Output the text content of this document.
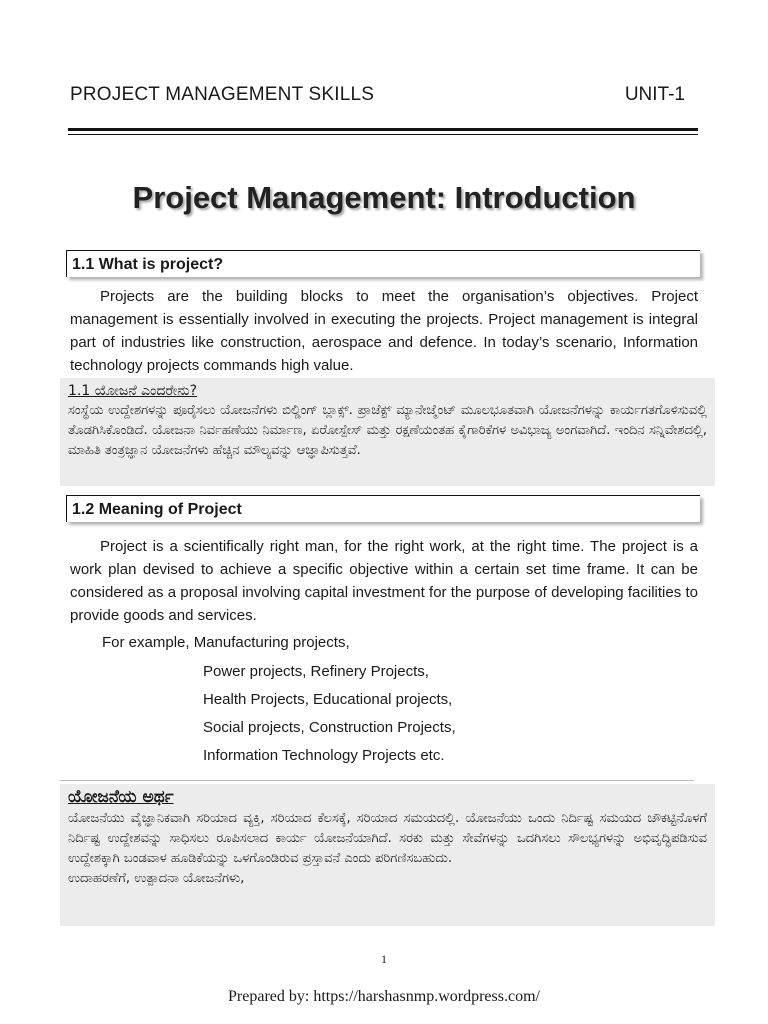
PROJECT MANAGEMENT SKILLS	UNIT-1
Project Management: Introduction
1.1 What is project?

Projects are the building blocks to meet the organisation’s objectives. Project management is essentially involved in executing the projects. Project management is integral part of industries like construction, aerospace and defence. In today’s scenario, Information technology projects commands high value.

1.1 ಯೋಜನೆ ಎಂದರೇನು?

ಸಂಸ್ಥೆಯ ಉದ್ದೇಶಗಳನ್ನು ಪೂರೈಸಲು ಯೋಜನೆಗಳು ಬಿಲ್ಡಿಂಗ್ ಬ್ಲಾಕ್ಸ್. ಪ್ರಾಜೆಕ್ಟ್ ಮ್ಯಾನೇಜ್ಮೆಂಟ್ ಮೂಲಭೂತವಾಗಿ ಯೋಜನೆಗಳನ್ನು ಕಾರ್ಯಗತಗೊಳಿಸುವಲ್ಲಿ ತೊಡಗಿಸಿಕೊಂಡಿದೆ. ಯೋಜನಾ ನಿರ್ವಹಣೆಯು ನಿರ್ಮಾಣ, ಏರೋಸ್ಪೇಸ್ ಮತ್ತು ರಕ್ಷಣೆಯಂತಹ ಕೈಗಾರಿಕೆಗಳ ಅವಿಭಾಜ್ಯ ಅಂಗವಾಗಿದೆ. ಇಂದಿನ ಸನ್ನಿವೇಶದಲ್ಲಿ, ಮಾಹಿತಿ ತಂತ್ರಜ್ಞಾನ ಯೋಜನೆಗಳು ಹೆಚ್ಚಿನ ಮೌಲ್ಯವನ್ನು ಆಜ್ಞಾಪಿಸುತ್ತವೆ.

1.2 Meaning of Project

Project is a scientifically right man, for the right work, at the right time. The project is a work plan devised to achieve a specific objective within a certain set time frame. It can be considered as a proposal involving capital investment for the purpose of developing facilities to provide goods and services.

For example, Manufacturing projects,
Power projects, Refinery Projects,
Health Projects, Educational projects,
Social projects, Construction Projects,
Information Technology Projects etc.
ಯೋಜನೆಯ ಅರ್ಥ

ಯೋಜನೆಯು ವೈಜ್ಞಾನಿಕವಾಗಿ ಸರಿಯಾದ ವ್ಯಕ್ತಿ, ಸರಿಯಾದ ಕೆಲಸಕ್ಕೆ, ಸರಿಯಾದ ಸಮಯದಲ್ಲಿ. ಯೋಜನೆಯು ಒಂದು ನಿರ್ದಿಷ್ಟ ಸಮಯದ ಚೌಕಟ್ಟಿನೊಳಗೆ ನಿರ್ದಿಷ್ಟ ಉದ್ದೇಶವನ್ನು ಸಾಧಿಸಲು ರೂಪಿಸಲಾದ ಕಾರ್ಯ ಯೋಜನೆಯಾಗಿದೆ. ಸರಕು ಮತ್ತು ಸೇವೆಗಳನ್ನು ಒದಗಿಸಲು ಸೌಲಭ್ಯಗಳನ್ನು ಅಭಿವೃದ್ಧಿಪಡಿಸುವ ಉದ್ದೇಶಕ್ಕಾಗಿ ಬಂಡವಾಳ ಹೂಡಿಕೆಯನ್ನು ಒಳಗೊಂಡಿರುವ ಪ್ರಸ್ತಾವನೆ ಎಂದು ಪರಿಗಣಿಸಬಹುದು.

ಉದಾಹರಣೆಗೆ, ಉತ್ಪಾದನಾ ಯೋಜನೆಗಳು,

1
Prepared by: https://harshasnmp.wordpress.com/
